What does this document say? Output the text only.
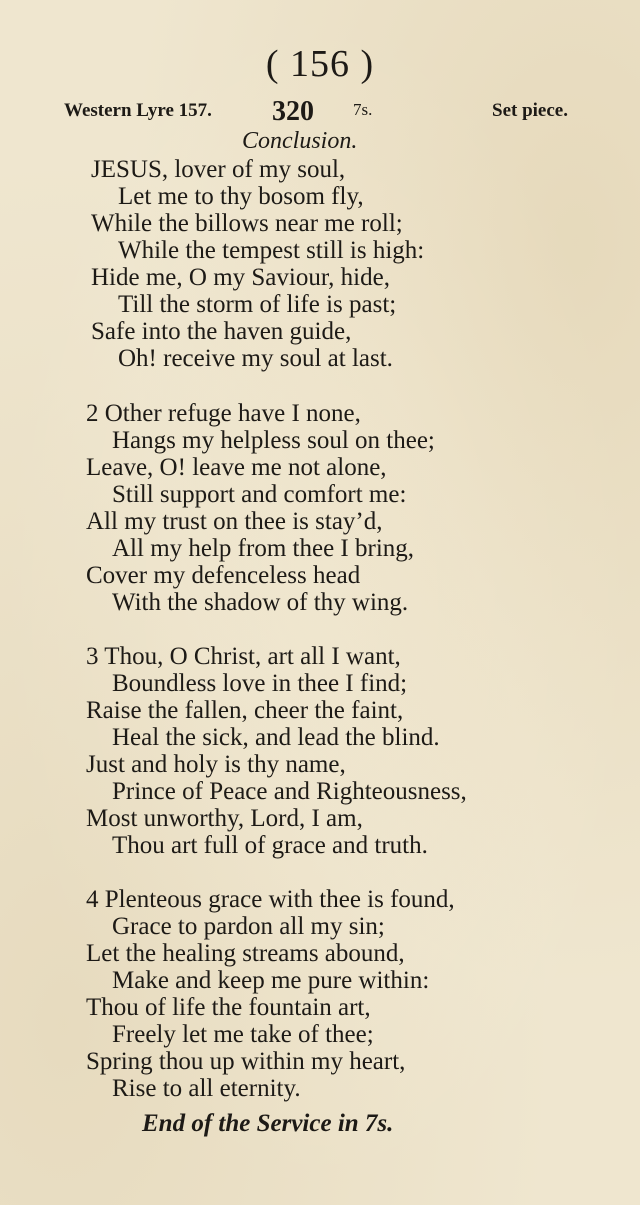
( 156 )
Western Lyre 157. 320 7s.	Set piece.
Conclusion.
JESUS, lover of my soul,
Let me to thy bosom fly,
While the billows near me roll;
While the tempest still is high:
Hide me, O my Saviour, hide,
Till the storm of life is past;
Safe into the haven guide,
Oh! receive my soul at last.
2 Other refuge have I none,
Hangs my helpless soul on thee;
Leave, O! leave me not alone,
Still support and comfort me:
All my trust on thee is stay’d,
All my help from thee I bring,
Cover my defenceless head
With the shadow of thy wing.
3 Thou, O Christ, art all I want,
Boundless love in thee I find;
Raise the fallen, cheer the faint,
Heal the sick, and lead the blind.
Just and holy is thy name,
Prince of Peace and Righteousness,
Most unworthy, Lord, I am,
Thou art full of grace and truth.
4 Plenteous grace with thee is found,
Grace to pardon all my sin;
Let the healing streams abound,
Make and keep me pure within:
Thou of life the fountain art,
Freely let me take of thee;
Spring thou up within my heart,
Rise to all eternity.
End of the Service in 7s.
